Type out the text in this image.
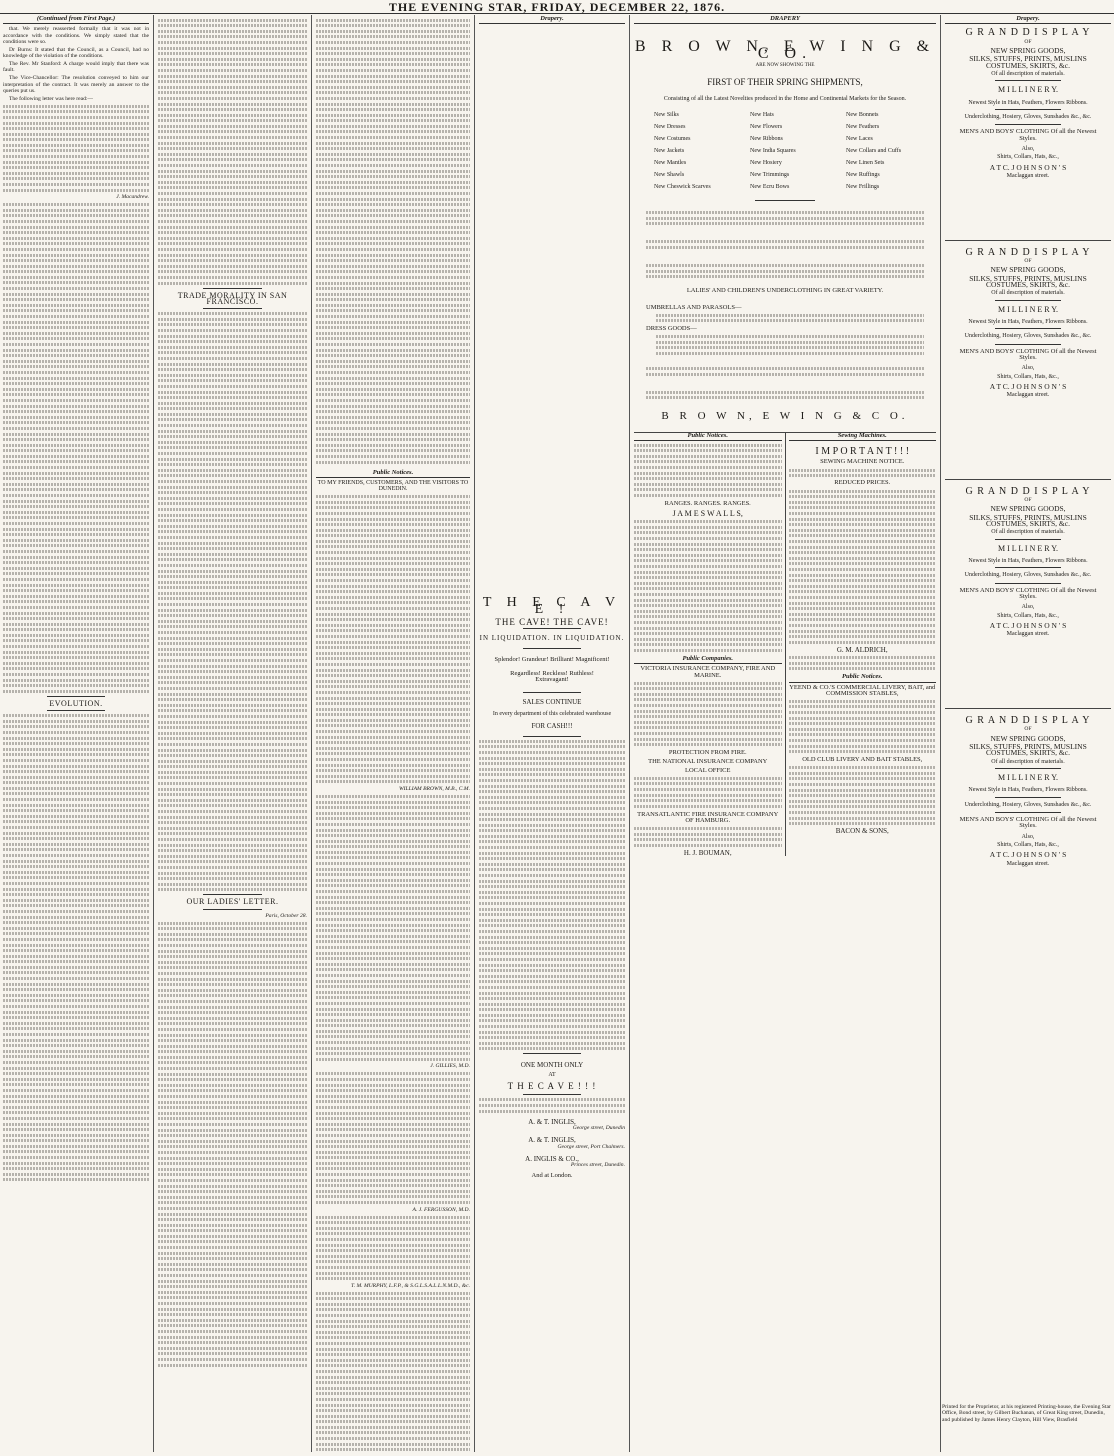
THE EVENING STAR, FRIDAY, DECEMBER 22, 1876.
(Continued from First Page.)

that. We merely reasserted formally that it was not in accordance with the conditions. We simply stated that the conditions were so.

Dr Burns: It stated that the Council, as a Council, had no knowledge of the violation of the conditions.

The Rev. Mr Stanford: A charge would imply that there was fault.

The Vice-Chancellor: The resolution conveyed to him our interpretation of the contract. It was merely an answer to the queries put us.

The following letter was here read:—

J. Macandrew.
EVOLUTION.
TRADE MORALITY IN SAN FRANCISCO.
OUR LADIES' LETTER.
Paris, October 28.
Public Notices.
TO MY FRIENDS, CUSTOMERS, AND THE VISITORS TO DUNEDIN.
WILLIAM BROWN, M.B., C.M.
J. GILLIES, M.D.
A. J. FERGUSSON, M.D.
T. M. MURPHY, L.F.P., & S.G.L.S.A.L.L.N.M.D., &c.
Drapery.
T H E C A V E !
THE CAVE! THE CAVE!
IN LIQUIDATION. IN LIQUIDATION.
Splendor! Grandeur! Brilliant! Magnificent!
Regardless! Reckless! Ruthless! Extravagant!
SALES CONTINUE
In every department of this celebrated warehouse
FOR CASH!!!
ONE MONTH ONLY
AT
T H E C A V E ! ! !
A. & T. INGLIS,
George street, Dunedin
A. & T. INGLIS,
George street, Port Chalmers.
A. INGLIS & CO.,
Princes street, Dunedin.
And at London.
DRAPERY
B R O W N, E W I N G & C O.
ARE NOW SHOWING THE
FIRST OF THEIR SPRING SHIPMENTS,
Consisting of all the Latest Novelties produced in the Home and Continental Markets for the Season.
New Silks	New Hats	New Bonnets
New Dresses	New Flowers	New Feathers
New Costumes	New Ribbons	New Laces
New Jackets	New India Squares	New Collars and Cuffs
New Mantles	New Hosiery	New Linen Sets
New Shawls	New Trimmings	New Ruffings
New Cheswick Scarves	New Ecru Bows	New Frillings
LALIES' AND CHILDREN'S UNDERCLOTHING IN GREAT VARIETY.
UMBRELLAS AND PARASOLS—
DRESS GOODS—
B R O W N, E W I N G & C O.
Public Notices.
RANGES. RANGES. RANGES.
J A M E S W A L L S,
Public Companies.
VICTORIA INSURANCE COMPANY, FIRE AND MARINE.
PROTECTION FROM FIRE.
THE NATIONAL INSURANCE COMPANY
LOCAL OFFICE
TRANSATLANTIC FIRE INSURANCE COMPANY OF HAMBURG.
H. J. BOUMAN,
Sewing Machines.
I M P O R T A N T ! ! !
SEWING MACHINE NOTICE.
REDUCED PRICES.
G. M. ALDRICH,
Public Notices.
YEEND & CO.'S COMMERCIAL LIVERY, BAIT, and COMMISSION STABLES,
OLD CLUB LIVERY AND BAIT STABLES,
BACON & SONS,
Drapery.
G R A N D D I S P L A Y
OF
NEW SPRING GOODS,
SILKS, STUFFS, PRINTS, MUSLINS COSTUMES, SKIRTS, &c.
Of all description of materials.
M I L L I N E R Y.
Newest Style in Hats, Feathers, Flowers Ribbons.
Underclothing, Hosiery, Gloves, Sunshades &c., &c.
MEN'S AND BOYS' CLOTHING Of all the Newest Styles.
Also,
Shirts, Collars, Hats, &c.,
A T C. J O H N S O N ' S
Maclaggan street.
G R A N D D I S P L A Y
OF
NEW SPRING GOODS,
SILKS, STUFFS, PRINTS, MUSLINS COSTUMES, SKIRTS, &c.
Of all description of materials.
M I L L I N E R Y.
Newest Style in Hats, Feathers, Flowers Ribbons.
Underclothing, Hosiery, Gloves, Sunshades &c., &c.
MEN'S AND BOYS' CLOTHING Of all the Newest Styles.
Also,
Shirts, Collars, Hats, &c.,
A T C. J O H N S O N ' S
Maclaggan street.
G R A N D D I S P L A Y
OF
NEW SPRING GOODS,
SILKS, STUFFS, PRINTS, MUSLINS COSTUMES, SKIRTS, &c.
Of all description of materials.
M I L L I N E R Y.
Newest Style in Hats, Feathers, Flowers Ribbons.
Underclothing, Hosiery, Gloves, Sunshades &c., &c.
MEN'S AND BOYS' CLOTHING Of all the Newest Styles.
Also,
Shirts, Collars, Hats, &c.,
A T C. J O H N S O N ' S
Maclaggan street.
G R A N D D I S P L A Y
OF
NEW SPRING GOODS,
SILKS, STUFFS, PRINTS, MUSLINS COSTUMES, SKIRTS, &c.
Of all description of materials.
M I L L I N E R Y.
Newest Style in Hats, Feathers, Flowers Ribbons.
Underclothing, Hosiery, Gloves, Sunshades &c., &c.
MEN'S AND BOYS' CLOTHING Of all the Newest Styles.
Also,
Shirts, Collars, Hats, &c.,
A T C. J O H N S O N ' S
Maclaggan street.
Printed for the Proprietor, at his registered Printing-house, the Evening Star Office, Bond street, by Gilbert Buchanan, of Great King street, Dunedin, and published by James Henry Clayton, Hill View, Brasfield
